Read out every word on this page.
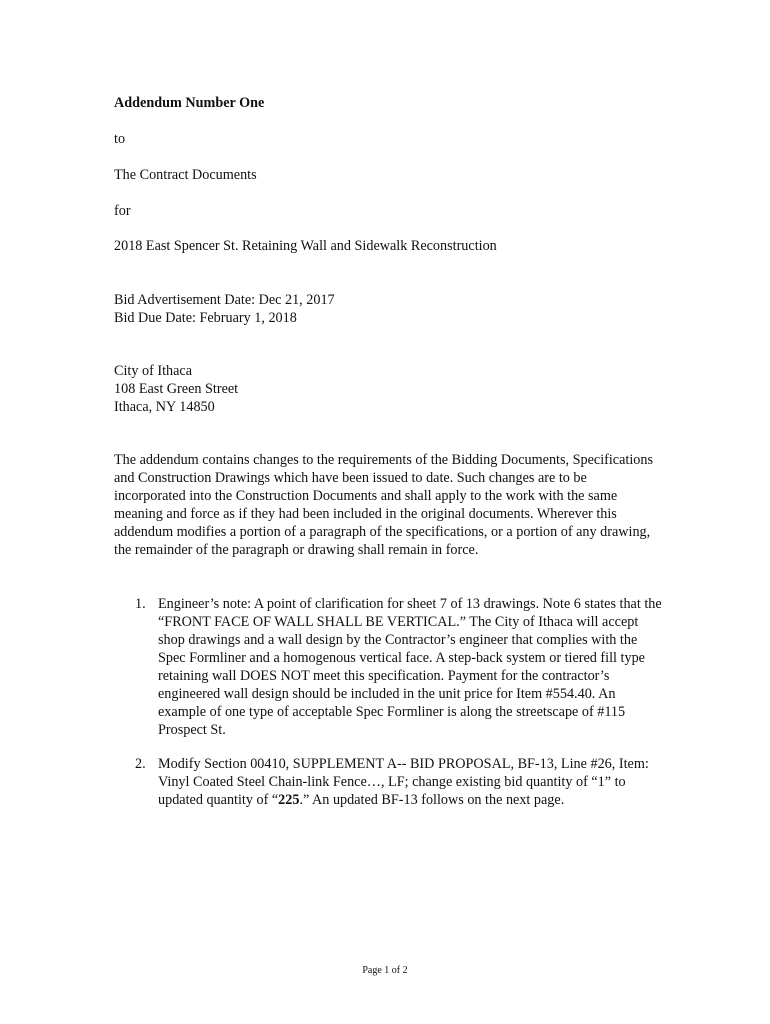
Addendum Number One
to
The Contract Documents
for
2018 East Spencer St. Retaining Wall and Sidewalk Reconstruction
Bid Advertisement Date: Dec 21, 2017
Bid Due Date: February 1, 2018
City of Ithaca
108 East Green Street
Ithaca, NY 14850
The addendum contains changes to the requirements of the Bidding Documents, Specifications and Construction Drawings which have been issued to date. Such changes are to be incorporated into the Construction Documents and shall apply to the work with the same meaning and force as if they had been included in the original documents. Wherever this addendum modifies a portion of a paragraph of the specifications, or a portion of any drawing, the remainder of the paragraph or drawing shall remain in force.
1. Engineer’s note: A point of clarification for sheet 7 of 13 drawings. Note 6 states that the “FRONT FACE OF WALL SHALL BE VERTICAL.” The City of Ithaca will accept shop drawings and a wall design by the Contractor’s engineer that complies with the Spec Formliner and a homogenous vertical face. A step-back system or tiered fill type retaining wall DOES NOT meet this specification. Payment for the contractor’s engineered wall design should be included in the unit price for Item #554.40. An example of one type of acceptable Spec Formliner is along the streetscape of #115 Prospect St.
2. Modify Section 00410, SUPPLEMENT A-- BID PROPOSAL, BF-13, Line #26, Item: Vinyl Coated Steel Chain-link Fence…, LF; change existing bid quantity of “1” to updated quantity of “225.” An updated BF-13 follows on the next page.
Page 1 of 2
